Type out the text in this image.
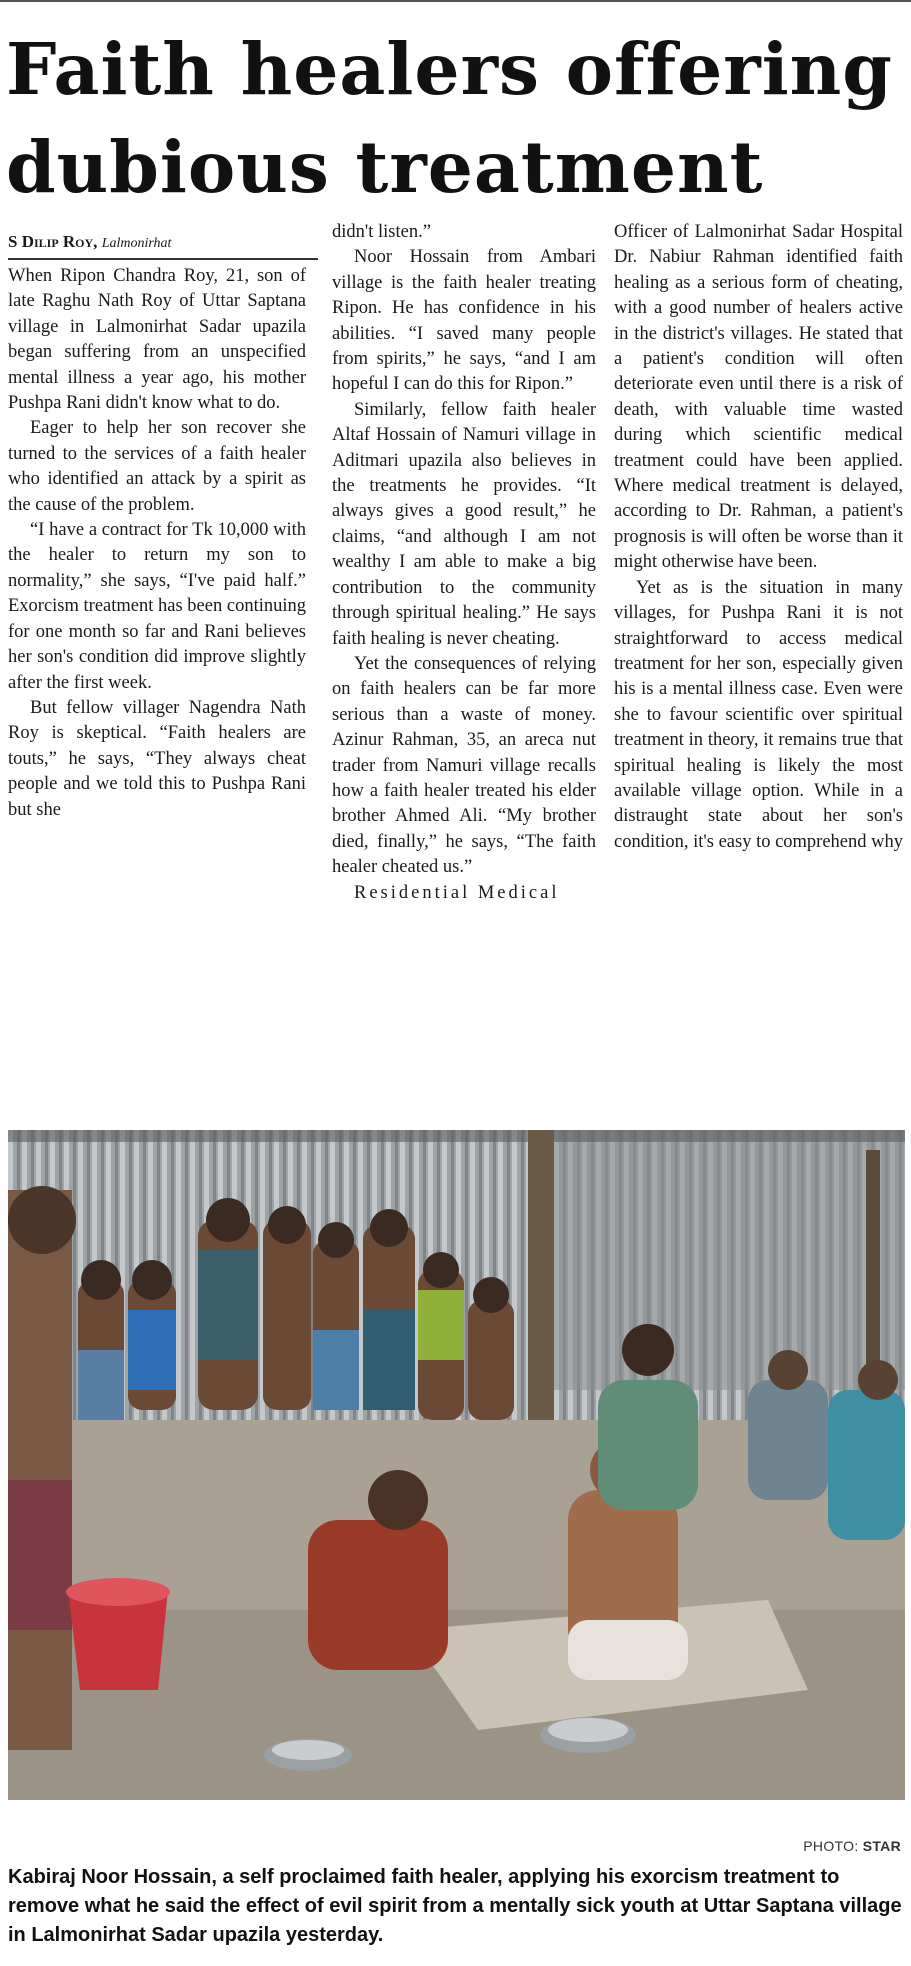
Faith healers offering dubious treatment
S Dilip Roy, Lalmonirhat

When Ripon Chandra Roy, 21, son of late Raghu Nath Roy of Uttar Saptana village in Lalmonirhat Sadar upazila began suffering from an unspecified mental illness a year ago, his mother Pushpa Rani didn't know what to do.

Eager to help her son recover she turned to the services of a faith healer who identified an attack by a spirit as the cause of the problem.

“I have a contract for Tk 10,000 with the healer to return my son to normality,” she says, “I've paid half.” Exorcism treatment has been continuing for one month so far and Rani believes her son's condition did improve slightly after the first week.

But fellow villager Nagendra Nath Roy is skeptical. “Faith healers are touts,” he says, “They always cheat people and we told this to Pushpa Rani but she

didn't listen.”

Noor Hossain from Ambari village is the faith healer treating Ripon. He has confidence in his abilities. “I saved many people from spirits,” he says, “and I am hopeful I can do this for Ripon.”

Similarly, fellow faith healer Altaf Hossain of Namuri village in Aditmari upazila also believes in the treatments he provides. “It always gives a good result,” he claims, “and although I am not wealthy I am able to make a big contribution to the community through spiritual healing.” He says faith healing is never cheating.

Yet the consequences of relying on faith healers can be far more serious than a waste of money. Azinur Rahman, 35, an areca nut trader from Namuri village recalls how a faith healer treated his elder brother Ahmed Ali. “My brother died, finally,” he says, “The faith healer cheated us.”

Residential Medical

Officer of Lalmonirhat Sadar Hospital Dr. Nabiur Rahman identified faith healing as a serious form of cheating, with a good number of healers active in the district's villages. He stated that a patient's condition will often deteriorate even until there is a risk of death, with valuable time wasted during which scientific medical treatment could have been applied. Where medical treatment is delayed, according to Dr. Rahman, a patient's prognosis is will often be worse than it might otherwise have been.

Yet as is the situation in many villages, for Pushpa Rani it is not straightforward to access medical treatment for her son, especially given his is a mental illness case. Even were she to favour scientific over spiritual treatment in theory, it remains true that spiritual healing is likely the most available village option. While in a distraught state about her son's condition, it's easy to comprehend why

PHOTO: STAR

Kabiraj Noor Hossain, a self proclaimed faith healer, applying his exorcism treatment to remove what he said the effect of evil spirit from a mentally sick youth at Uttar Saptana village in Lalmonirhat Sadar upazila yesterday.
